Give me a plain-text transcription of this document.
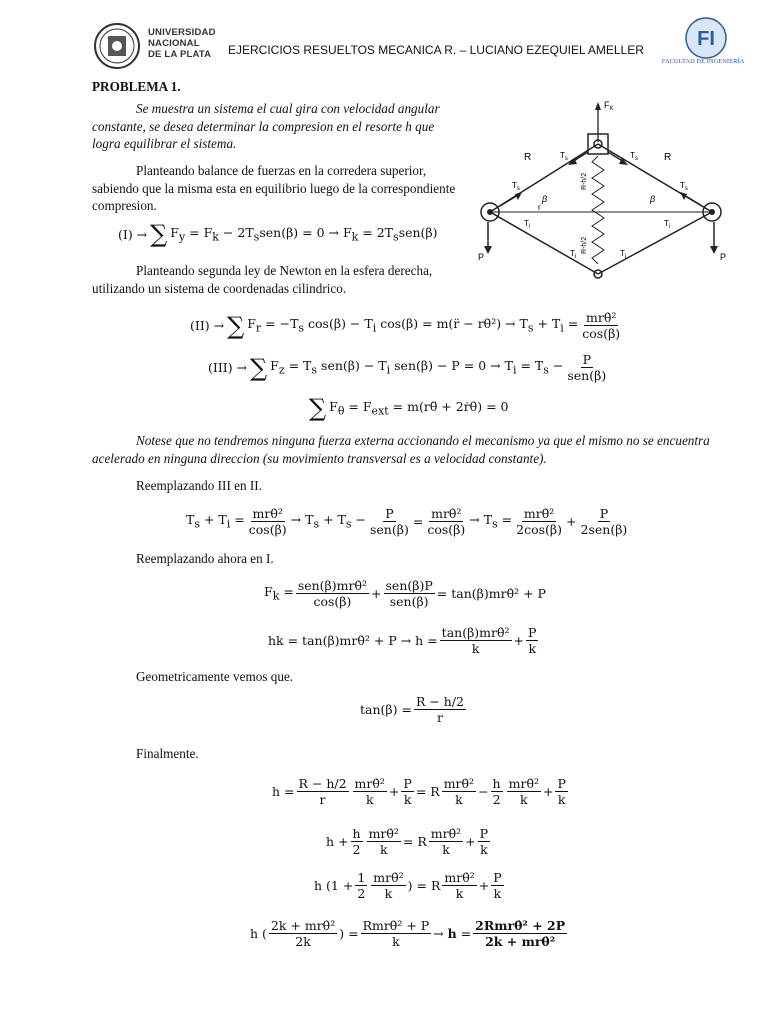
UNIVERSIDAD
NACIONAL
DE LA PLATA	EJERCICIOS RESUELTOS MECANICA R. – LUCIANO EZEQUIEL AMELLER	FI
FACULTAD DE INGENIERÍA
PROBLEMA 1.
Se muestra un sistema el cual gira con velocidad angular constante, se desea determinar la compresion en el resorte h que logra equilibrar el sistema.
Planteando balance de fuerzas en la corredera superior, sabiendo que la misma esta en equilibrio luego de la correspondiente compresion.
(I) → ∑ $F_y = F_k - 2T_ssen(\beta) = 0 \to F_k = 2T_ssen(\beta)$
Planteando segunda ley de Newton en la esfera derecha, utilizando un sistema de coordenadas cilindrico.
(II) → ∑ $F_r = -T_s$ $\cos(\beta) - T_i$ cos(β) = m(r̈ − rθ̇²) → $T_s + T_i = \frac{\text{mrθ̇²}}{\cos(\beta)}$
(III) → ∑ $F_z = T_s$ $sen(\beta) - T_i$ $sen(\beta) - P = 0 \to T_i = T_s - \frac{P}{\text{sen(β)}}$
∑ $F_\theta = F_{ext}$ = m(rθ̈ + 2ṙθ̇) = 0
Notese que no tendremos ninguna fuerza externa accionando el mecanismo ya que el mismo no se encuentra acelerado en ninguna direccion (su movimiento transversal es a velocidad constante).
Reemplazando III en II.
$T_s + T_i = \frac{\text{mrθ̇²}}{\cos(\beta)} \to T_s + T_s - \frac{P}{\text{sen(β)}} = \frac{\text{mrθ̇²}}{\cos(\beta)} \to T_s = \frac{\text{mrθ̇²}}{2\cos(\beta)} + \frac{P}{\text{2sen(β)}}$
Reemplazando ahora en I.
$F_k = \frac{\text{sen(β)mrθ̇²}}{\cos(\beta)} + \frac{\text{sen(β)P}}{\text{sen(β)}}$ = tan(β)mrθ̇² + P
hk = tan(β)mrθ̇² + $P \to h = \frac{\text{tan(β)mrθ̇²}}{k} + \frac{P}{k}$
Geometricamente vemos que.
$\tan(\beta) = \frac{R - h/2}{r}$
Finalmente.
$h = \frac{R - h/2}{r} \frac{\text{mrθ̇²}}{k} + \frac{P}{k} = R \frac{\text{mrθ̇²}}{k} - \frac{h}{2} \frac{\text{mrθ̇²}}{k} + \frac{P}{k}$
$h + \frac{h}{2} \frac{\text{mrθ̇²}}{k} = R \frac{\text{mrθ̇²}}{k} + \frac{P}{k}$
h ($1 + \frac{1}{2} \frac{\text{mrθ̇²}}{k}$ ) = R $\frac{\text{mrθ̇²}}{k} + \frac{P}{k}$
h ( $\frac{\text{2k + mrθ̇²}}{2k}$ ) = $\frac{\text{Rmrθ̇² + P}}{k} \to h = \frac{\text{2Rmrθ̇² + 2P}}{\text{2k + mrθ̇²}}$
$F_K$
R	R
$T_s$	$T_s$
$T_s$	$T_s$
$T_i$	$T_i$
$T_i$	$T_i$
P	P
β	β
r
R-h/2
R-h/2
